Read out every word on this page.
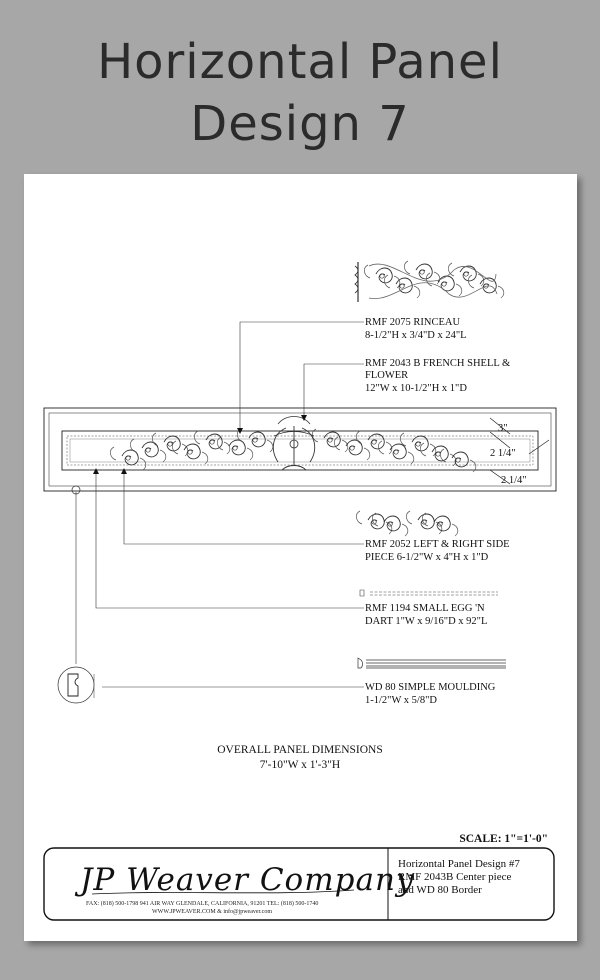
Horizontal Panel
Design 7
3"
2 1/4"
2 1/4"
RMF 2075 RINCEAU
8-1/2"H x 3/4"D x 24"L
RMF 2043 B FRENCH SHELL &
FLOWER
12"W x 10-1/2"H x 1"D
RMF 2052 LEFT & RIGHT SIDE
PIECE 6-1/2"W x 4"H x 1"D
RMF 1194 SMALL EGG 'N
DART 1"W x 9/16"D x 92"L
WD 80 SIMPLE MOULDING
1-1/2"W x 5/8"D
OVERALL PANEL DIMENSIONS
7'-10"W x 1'-3"H
SCALE: 1"=1'-0"
JP Weaver Company
FAX: (818) 500-1798 941 AIR WAY GLENDALE, CALIFORNIA, 91201 TEL: (818) 500-1740
WWW.JPWEAVER.COM & info@jpweaver.com
Horizontal Panel Design #7
RMF 2043B Center piece
and WD 80 Border
